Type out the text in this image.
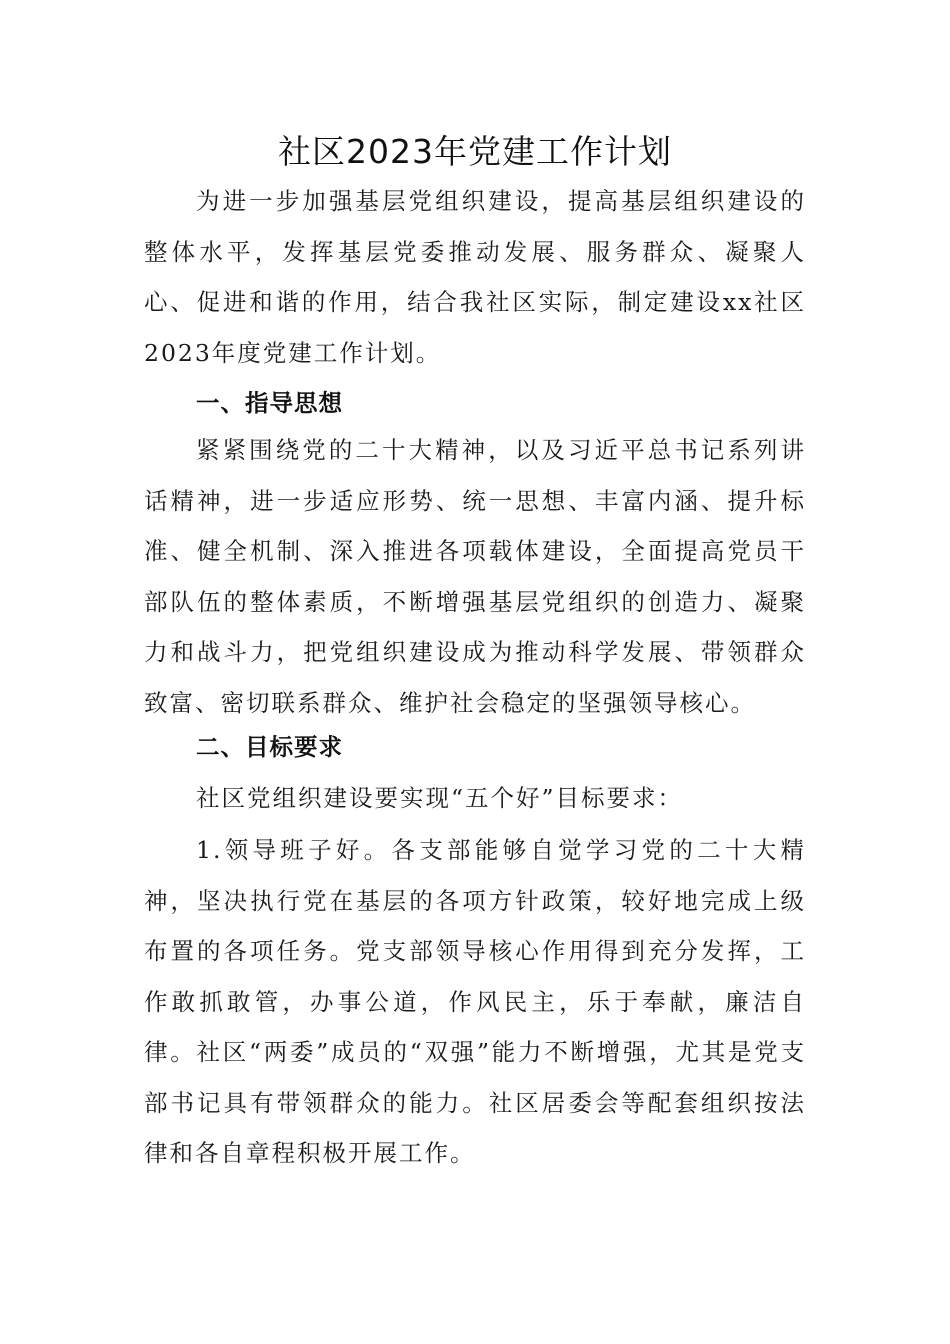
社区2023年党建工作计划

为进一步加强基层党组织建设，提高基层组织建设的整体水平，发挥基层党委推动发展、服务群众、凝聚人心、促进和谐的作用，结合我社区实际，制定建设xx社区2023年度党建工作计划。

一、指导思想

紧紧围绕党的二十大精神，以及习近平总书记系列讲话精神，进一步适应形势、统一思想、丰富内涵、提升标准、健全机制、深入推进各项载体建设，全面提高党员干部队伍的整体素质，不断增强基层党组织的创造力、凝聚力和战斗力，把党组织建设成为推动科学发展、带领群众致富、密切联系群众、维护社会稳定的坚强领导核心。

二、目标要求

社区党组织建设要实现“五个好”目标要求：

1.领导班子好。各支部能够自觉学习党的二十大精神，坚决执行党在基层的各项方针政策，较好地完成上级布置的各项任务。党支部领导核心作用得到充分发挥，工作敢抓敢管，办事公道，作风民主，乐于奉献，廉洁自律。社区“两委”成员的“双强”能力不断增强，尤其是党支部书记具有带领群众的能力。社区居委会等配套组织按法律和各自章程积极开展工作。
